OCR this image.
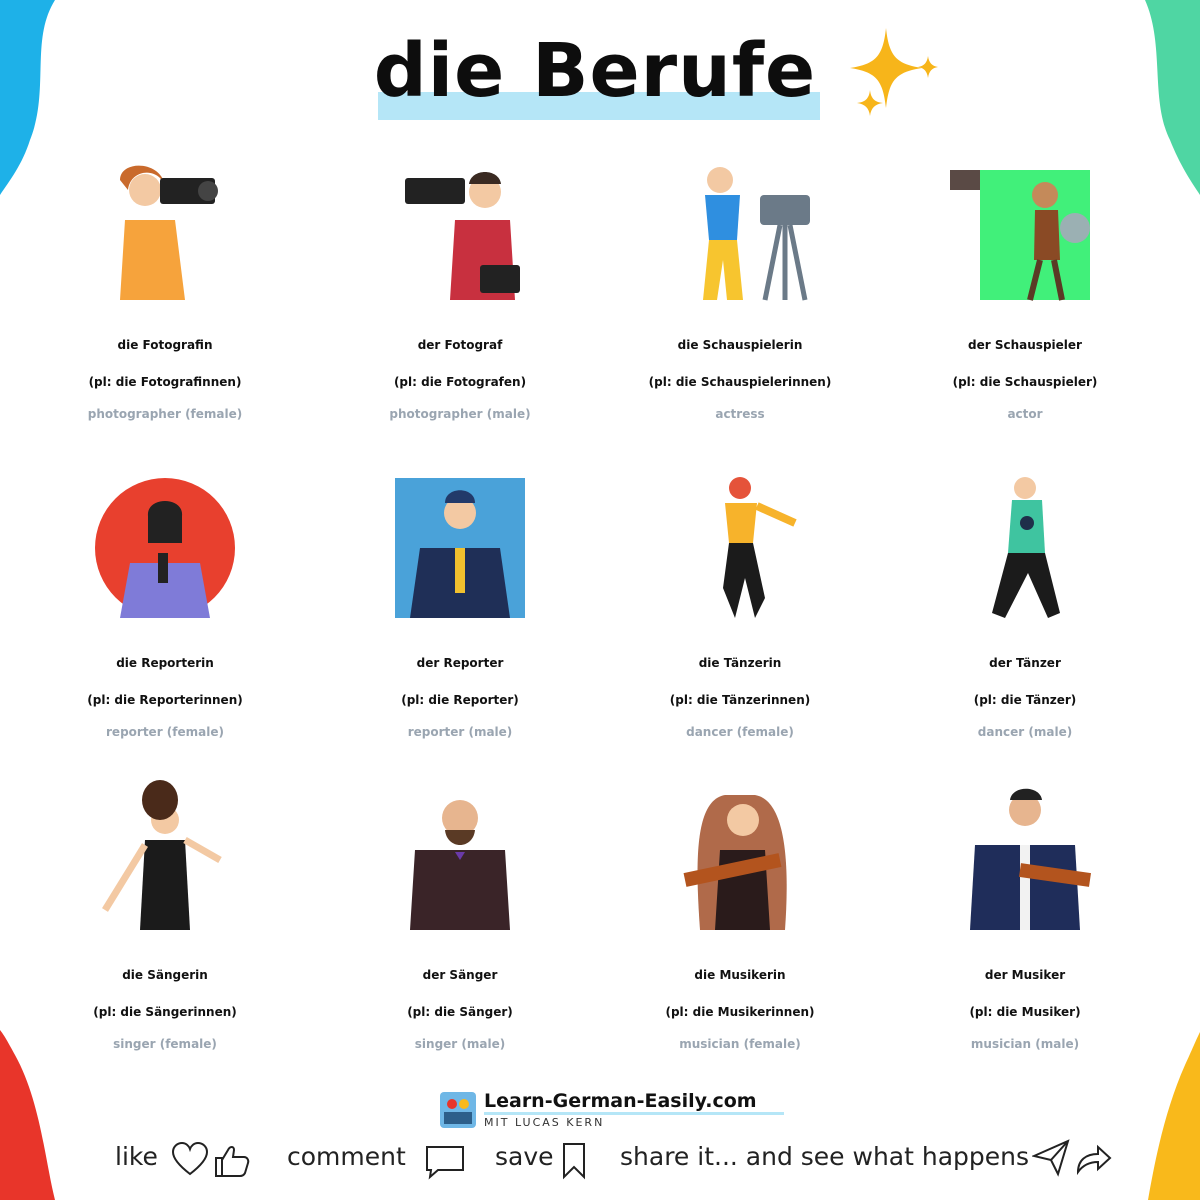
die Berufe
die Fotografin
(pl: die Fotografinnen)
photographer (female)
der Fotograf
(pl: die Fotografen)
photographer (male)
die Schauspielerin
(pl: die Schauspielerinnen)
actress
der Schauspieler
(pl: die Schauspieler)
actor
die Reporterin
(pl: die Reporterinnen)
reporter (female)
der Reporter
(pl: die Reporter)
reporter (male)
die Tänzerin
(pl: die Tänzerinnen)
dancer (female)
der Tänzer
(pl: die Tänzer)
dancer (male)
die Sängerin
(pl: die Sängerinnen)
singer (female)
der Sänger
(pl: die Sänger)
singer (male)
die Musikerin
(pl: die Musikerinnen)
musician (female)
der Musiker
(pl: die Musiker)
musician (male)
Learn-German-Easily.com
MIT LUCAS KERN
like	comment	save	share it... and see what happens
